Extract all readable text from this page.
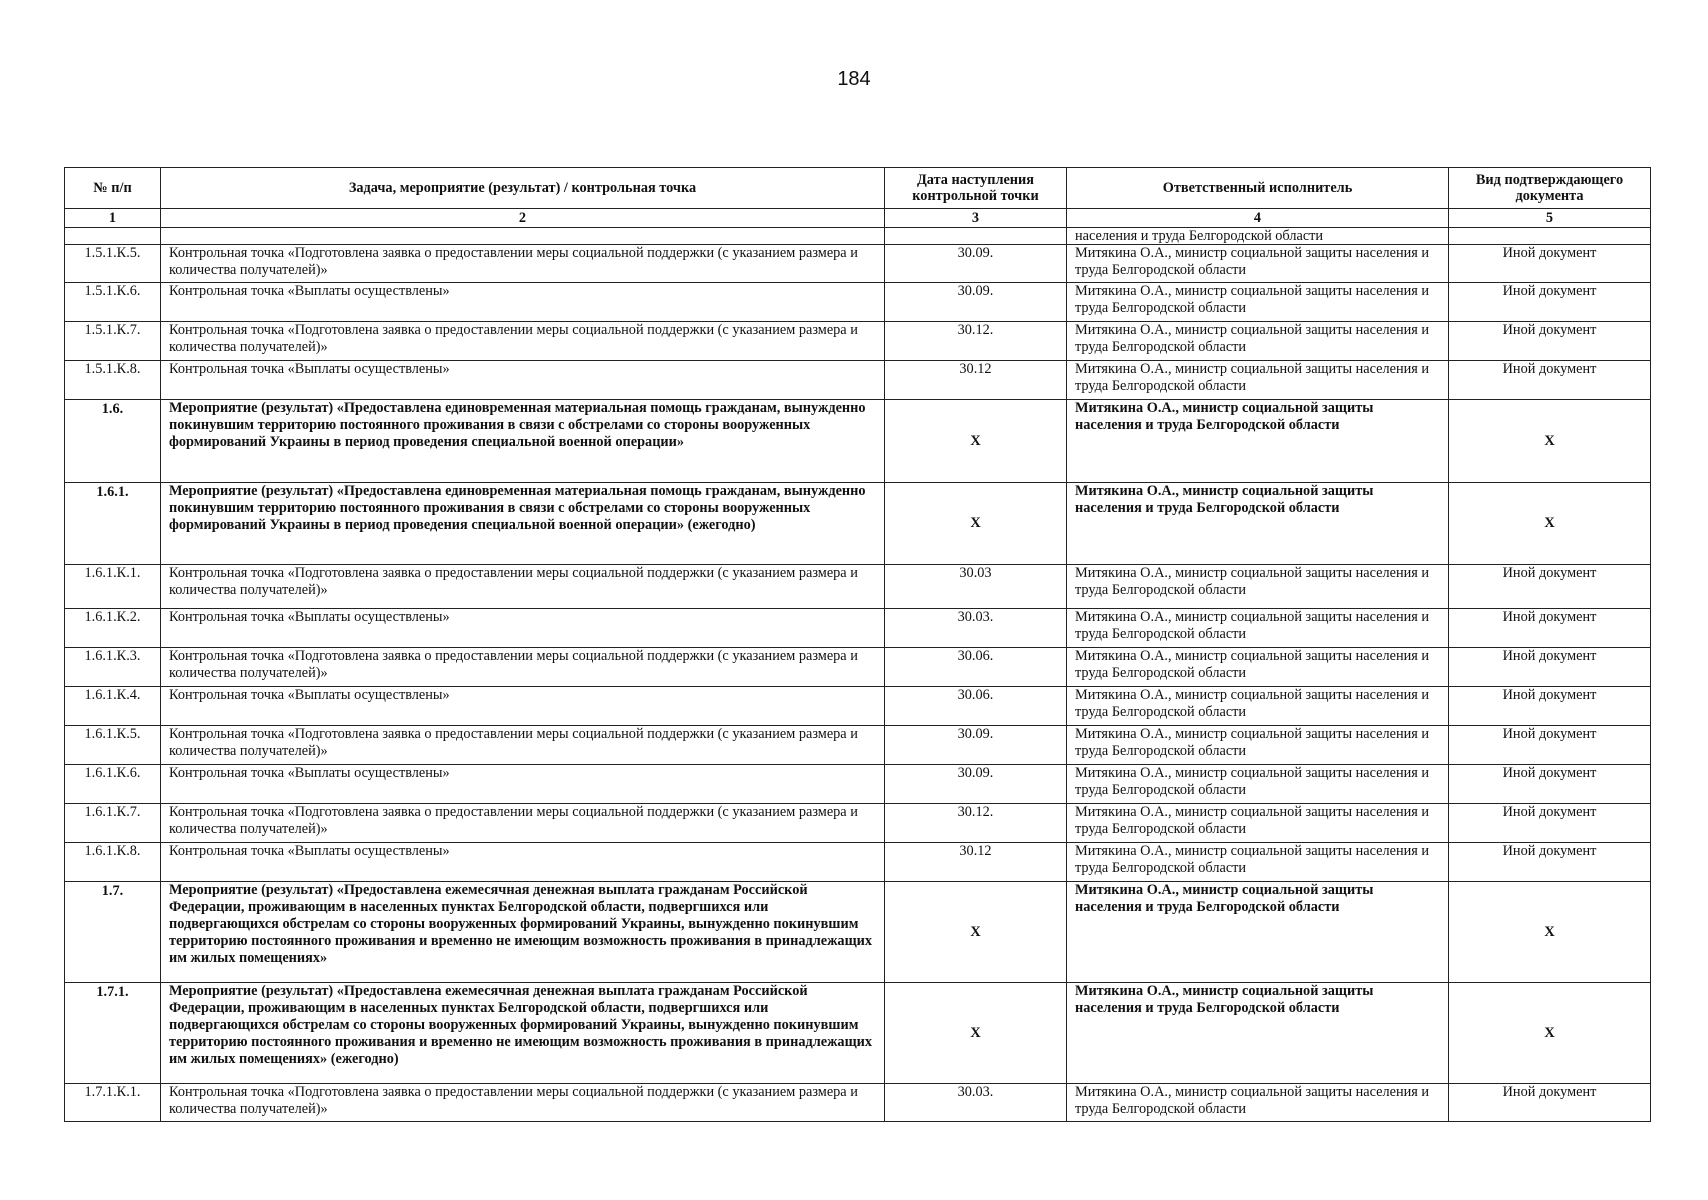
184
№ п/п	Задача, мероприятие (результат) / контрольная точка	Дата наступления контрольной точки	Ответственный исполнитель	Вид подтверждающего документа
1	2	3	4	5
			населения и труда Белгородской области	
1.5.1.К.5.	Контрольная точка «Подготовлена заявка о предоставлении меры социальной поддержки (с указанием размера и количества получателей)»	30.09.	Митякина О.А., министр социальной защиты населения и труда Белгородской области	Иной документ
1.5.1.К.6.	Контрольная точка «Выплаты осуществлены»	30.09.	Митякина О.А., министр социальной защиты населения и труда Белгородской области	Иной документ
1.5.1.К.7.	Контрольная точка «Подготовлена заявка о предоставлении меры социальной поддержки (с указанием размера и количества получателей)»	30.12.	Митякина О.А., министр социальной защиты населения и труда Белгородской области	Иной документ
1.5.1.К.8.	Контрольная точка «Выплаты осуществлены»	30.12	Митякина О.А., министр социальной защиты населения и труда Белгородской области	Иной документ
1.6.	Мероприятие (результат) «Предоставлена единовременная материальная помощь гражданам, вынужденно покинувшим территорию постоянного проживания в связи с обстрелами со стороны вооруженных формирований Украины в период проведения специальной военной операции»	X	Митякина О.А., министр социальной защиты населения и труда Белгородской области	X
1.6.1.	Мероприятие (результат) «Предоставлена единовременная материальная помощь гражданам, вынужденно покинувшим территорию постоянного проживания в связи с обстрелами со стороны вооруженных формирований Украины в период проведения специальной военной операции» (ежегодно)	X	Митякина О.А., министр социальной защиты населения и труда Белгородской области	X
1.6.1.К.1.	Контрольная точка «Подготовлена заявка о предоставлении меры социальной поддержки (с указанием размера и количества получателей)»	30.03	Митякина О.А., министр социальной защиты населения и труда Белгородской области	Иной документ
1.6.1.К.2.	Контрольная точка «Выплаты осуществлены»	30.03.	Митякина О.А., министр социальной защиты населения и труда Белгородской области	Иной документ
1.6.1.К.3.	Контрольная точка «Подготовлена заявка о предоставлении меры социальной поддержки (с указанием размера и количества получателей)»	30.06.	Митякина О.А., министр социальной защиты населения и труда Белгородской области	Иной документ
1.6.1.К.4.	Контрольная точка «Выплаты осуществлены»	30.06.	Митякина О.А., министр социальной защиты населения и труда Белгородской области	Иной документ
1.6.1.К.5.	Контрольная точка «Подготовлена заявка о предоставлении меры социальной поддержки (с указанием размера и количества получателей)»	30.09.	Митякина О.А., министр социальной защиты населения и труда Белгородской области	Иной документ
1.6.1.К.6.	Контрольная точка «Выплаты осуществлены»	30.09.	Митякина О.А., министр социальной защиты населения и труда Белгородской области	Иной документ
1.6.1.К.7.	Контрольная точка «Подготовлена заявка о предоставлении меры социальной поддержки (с указанием размера и количества получателей)»	30.12.	Митякина О.А., министр социальной защиты населения и труда Белгородской области	Иной документ
1.6.1.К.8.	Контрольная точка «Выплаты осуществлены»	30.12	Митякина О.А., министр социальной защиты населения и труда Белгородской области	Иной документ
1.7.	Мероприятие (результат) «Предоставлена ежемесячная денежная выплата гражданам Российской Федерации, проживающим в населенных пунктах Белгородской области, подвергшихся или подвергающихся обстрелам со стороны вооруженных формирований Украины, вынужденно покинувшим территорию постоянного проживания и временно не имеющим возможность проживания в принадлежащих им жилых помещениях»	X	Митякина О.А., министр социальной защиты населения и труда Белгородской области	X
1.7.1.	Мероприятие (результат) «Предоставлена ежемесячная денежная выплата гражданам Российской Федерации, проживающим в населенных пунктах Белгородской области, подвергшихся или подвергающихся обстрелам со стороны вооруженных формирований Украины, вынужденно покинувшим территорию постоянного проживания и временно не имеющим возможность проживания в принадлежащих им жилых помещениях» (ежегодно)	X	Митякина О.А., министр социальной защиты населения и труда Белгородской области	X
1.7.1.К.1.	Контрольная точка «Подготовлена заявка о предоставлении меры социальной поддержки (с указанием размера и количества получателей)»	30.03.	Митякина О.А., министр социальной защиты населения и труда Белгородской области	Иной документ
